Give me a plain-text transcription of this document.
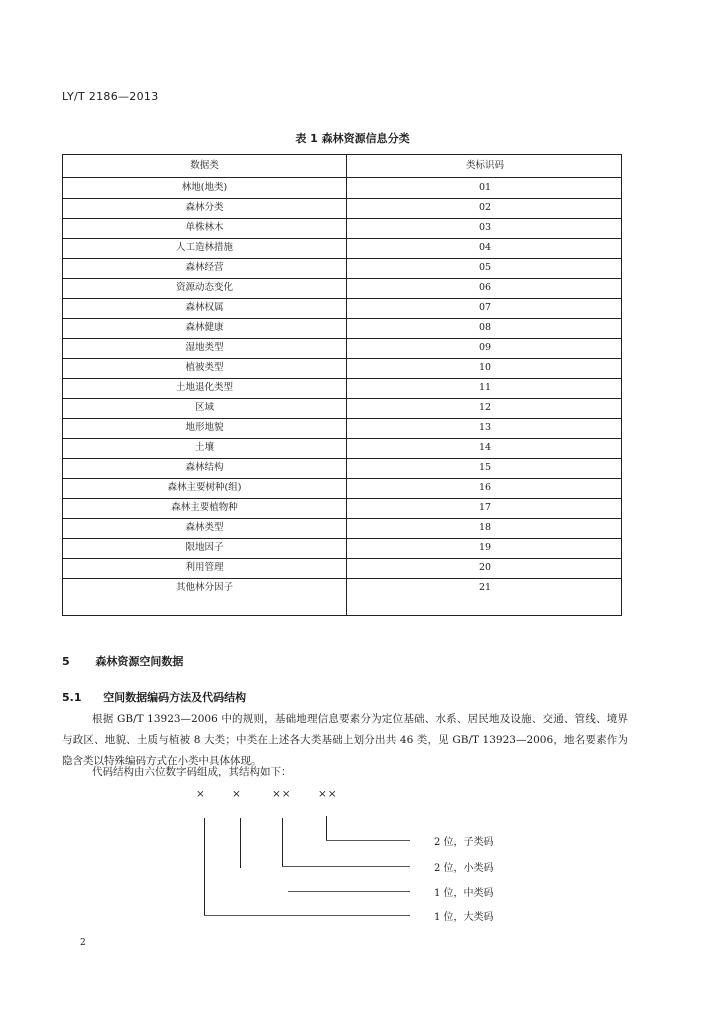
LY/T 2186—2013
表 1 森林资源信息分类
数据类	类标识码
林地(地类)	01
森林分类	02
单株林木	03
人工造林措施	04
森林经营	05
资源动态变化	06
森林权属	07
森林健康	08
湿地类型	09
植被类型	10
土地退化类型	11
区域	12
地形地貌	13
土壤	14
森林结构	15
森林主要树种(组)	16
森林主要植物种	17
森林类型	18
限地因子	19
利用管理	20
其他林分因子	21
5 森林资源空间数据
5.1 空间数据编码方法及代码结构
根据 GB/T 13923—2006 中的规则，基础地理信息要素分为定位基础、水系、居民地及设施、交通、管线、境界与政区、地貌、土质与植被 8 大类；中类在上述各大类基础上划分出共 46 类，见 GB/T 13923—2006，地名要素作为隐含类以特殊编码方式在小类中具体体现。
代码结构由六位数字码组成，其结构如下：
× ×	××	××
2 位，子类码
2 位，小类码
1 位，中类码
1 位，大类码
2
